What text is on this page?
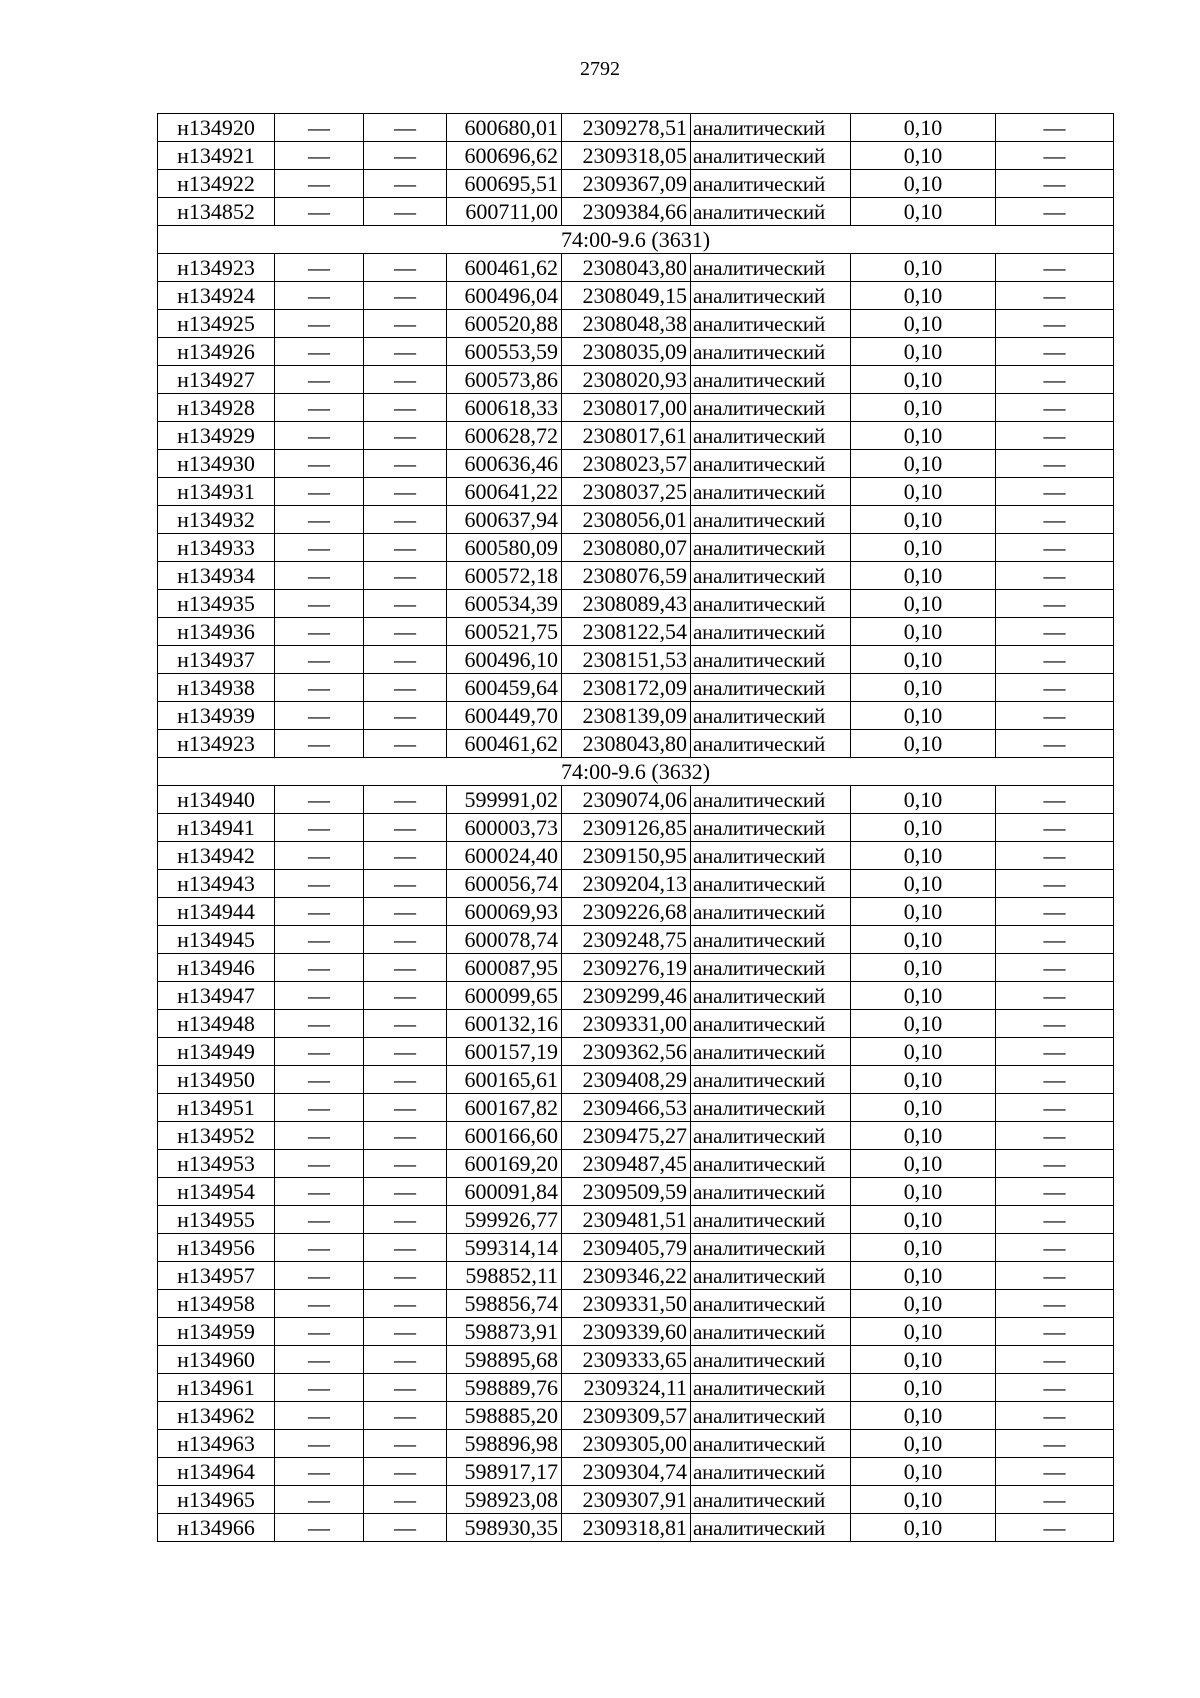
2792
н134920	—	—	600680,01	2309278,51	аналитический	0,10	—
н134921	—	—	600696,62	2309318,05	аналитический	0,10	—
н134922	—	—	600695,51	2309367,09	аналитический	0,10	—
н134852	—	—	600711,00	2309384,66	аналитический	0,10	—
74:00-9.6 (3631)							
н134923	—	—	600461,62	2308043,80	аналитический	0,10	—
н134924	—	—	600496,04	2308049,15	аналитический	0,10	—
н134925	—	—	600520,88	2308048,38	аналитический	0,10	—
н134926	—	—	600553,59	2308035,09	аналитический	0,10	—
н134927	—	—	600573,86	2308020,93	аналитический	0,10	—
н134928	—	—	600618,33	2308017,00	аналитический	0,10	—
н134929	—	—	600628,72	2308017,61	аналитический	0,10	—
н134930	—	—	600636,46	2308023,57	аналитический	0,10	—
н134931	—	—	600641,22	2308037,25	аналитический	0,10	—
н134932	—	—	600637,94	2308056,01	аналитический	0,10	—
н134933	—	—	600580,09	2308080,07	аналитический	0,10	—
н134934	—	—	600572,18	2308076,59	аналитический	0,10	—
н134935	—	—	600534,39	2308089,43	аналитический	0,10	—
н134936	—	—	600521,75	2308122,54	аналитический	0,10	—
н134937	—	—	600496,10	2308151,53	аналитический	0,10	—
н134938	—	—	600459,64	2308172,09	аналитический	0,10	—
н134939	—	—	600449,70	2308139,09	аналитический	0,10	—
н134923	—	—	600461,62	2308043,80	аналитический	0,10	—
74:00-9.6 (3632)							
н134940	—	—	599991,02	2309074,06	аналитический	0,10	—
н134941	—	—	600003,73	2309126,85	аналитический	0,10	—
н134942	—	—	600024,40	2309150,95	аналитический	0,10	—
н134943	—	—	600056,74	2309204,13	аналитический	0,10	—
н134944	—	—	600069,93	2309226,68	аналитический	0,10	—
н134945	—	—	600078,74	2309248,75	аналитический	0,10	—
н134946	—	—	600087,95	2309276,19	аналитический	0,10	—
н134947	—	—	600099,65	2309299,46	аналитический	0,10	—
н134948	—	—	600132,16	2309331,00	аналитический	0,10	—
н134949	—	—	600157,19	2309362,56	аналитический	0,10	—
н134950	—	—	600165,61	2309408,29	аналитический	0,10	—
н134951	—	—	600167,82	2309466,53	аналитический	0,10	—
н134952	—	—	600166,60	2309475,27	аналитический	0,10	—
н134953	—	—	600169,20	2309487,45	аналитический	0,10	—
н134954	—	—	600091,84	2309509,59	аналитический	0,10	—
н134955	—	—	599926,77	2309481,51	аналитический	0,10	—
н134956	—	—	599314,14	2309405,79	аналитический	0,10	—
н134957	—	—	598852,11	2309346,22	аналитический	0,10	—
н134958	—	—	598856,74	2309331,50	аналитический	0,10	—
н134959	—	—	598873,91	2309339,60	аналитический	0,10	—
н134960	—	—	598895,68	2309333,65	аналитический	0,10	—
н134961	—	—	598889,76	2309324,11	аналитический	0,10	—
н134962	—	—	598885,20	2309309,57	аналитический	0,10	—
н134963	—	—	598896,98	2309305,00	аналитический	0,10	—
н134964	—	—	598917,17	2309304,74	аналитический	0,10	—
н134965	—	—	598923,08	2309307,91	аналитический	0,10	—
н134966	—	—	598930,35	2309318,81	аналитический	0,10	—
